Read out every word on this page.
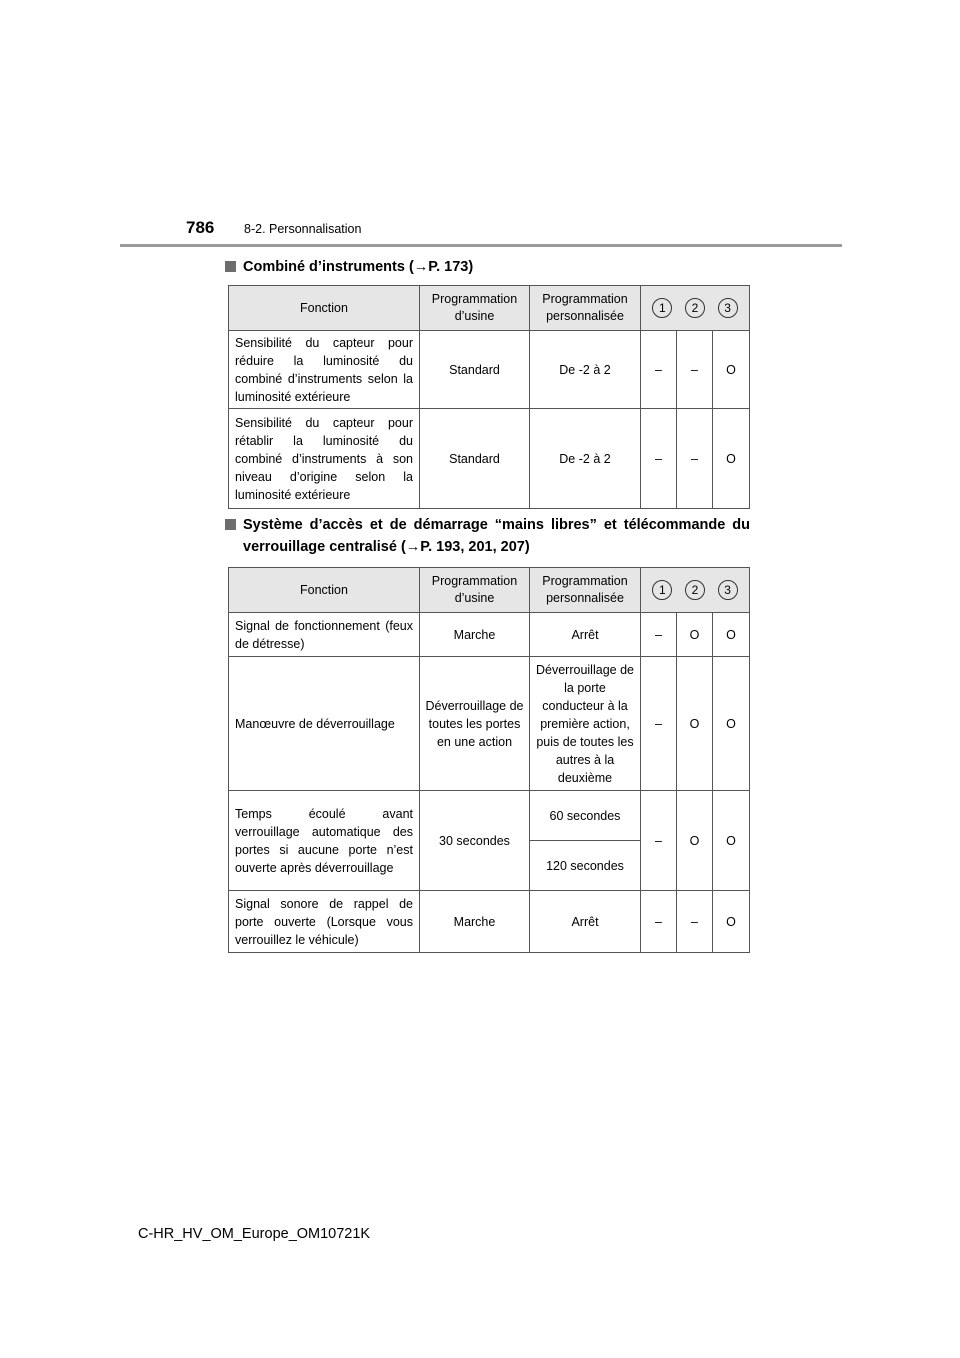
786 8-2. Personnalisation
Combiné d’instruments (→P. 173)
Fonction	Programmation d’usine	Programmation personnalisée	1 2 3		

Sensibilité du capteur pour réduire la luminosité du combiné d’instruments selon la luminosité extérieure	Standard	De -2 à 2	–	–	O
Sensibilité du capteur pour rétablir la luminosité du combiné d’instruments à son niveau d’origine selon la luminosité extérieure	Standard	De -2 à 2	–	–	O
Système d’accès et de démarrage “mains libres” et télécommande du verrouillage centralisé (→P. 193, 201, 207)
Fonction	Programmation d’usine	Programmation personnalisée	1 2 3		

Signal de fonctionnement (feux de détresse)	Marche	Arrêt	–	O	O
Manœuvre de déverrouillage	Déverrouillage de toutes les portes en une action	Déverrouillage de la porte conducteur à la première action, puis de toutes les autres à la deuxième	–	O	O
Temps écoulé avant verrouillage automatique des portes si aucune porte n’est ouverte après déverrouillage	30 secondes	60 secondes	–	O	O
		120 secondes			
Signal sonore de rappel de porte ouverte (Lorsque vous verrouillez le véhicule)	Marche	Arrêt	–	–	O
C-HR_HV_OM_Europe_OM10721K
